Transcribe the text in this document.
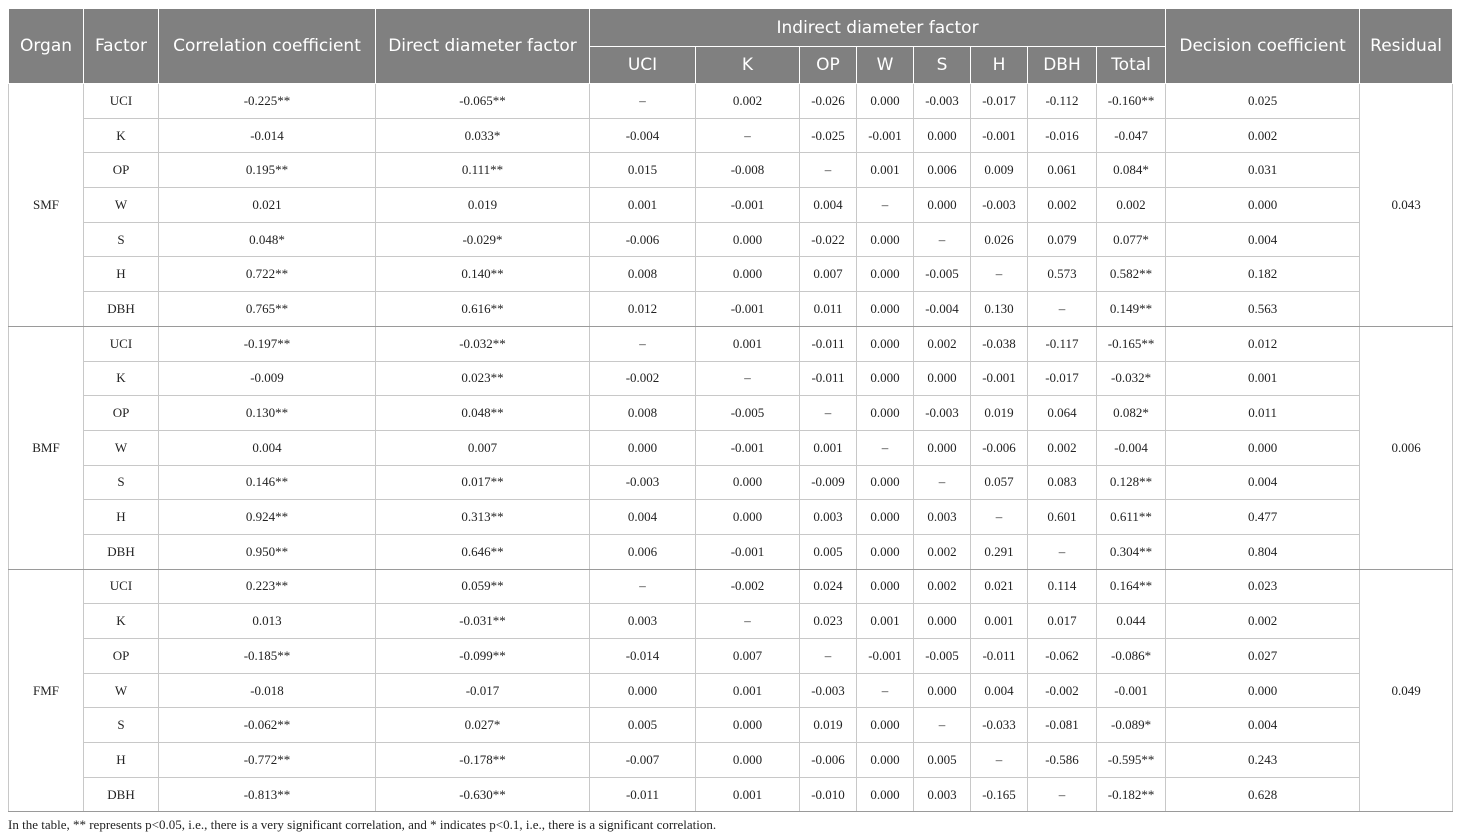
Organ	Factor	Correlation coefficient	Direct diameter factor	Indirect diameter factor								Decision coefficient	Residual
				UCI	K	OP	W	S	H	DBH	Total		
SMF	UCI	-0.225**	-0.065**	–	0.002	-0.026	0.000	-0.003	-0.017	-0.112	-0.160**	0.025	0.043
	K	-0.014	0.033*	-0.004	–	-0.025	-0.001	0.000	-0.001	-0.016	-0.047	0.002	
	OP	0.195**	0.111**	0.015	-0.008	–	0.001	0.006	0.009	0.061	0.084*	0.031	
	W	0.021	0.019	0.001	-0.001	0.004	–	0.000	-0.003	0.002	0.002	0.000	
	S	0.048*	-0.029*	-0.006	0.000	-0.022	0.000	–	0.026	0.079	0.077*	0.004	
	H	0.722**	0.140**	0.008	0.000	0.007	0.000	-0.005	–	0.573	0.582**	0.182	
	DBH	0.765**	0.616**	0.012	-0.001	0.011	0.000	-0.004	0.130	–	0.149**	0.563	
BMF	UCI	-0.197**	-0.032**	–	0.001	-0.011	0.000	0.002	-0.038	-0.117	-0.165**	0.012	0.006
	K	-0.009	0.023**	-0.002	–	-0.011	0.000	0.000	-0.001	-0.017	-0.032*	0.001	
	OP	0.130**	0.048**	0.008	-0.005	–	0.000	-0.003	0.019	0.064	0.082*	0.011	
	W	0.004	0.007	0.000	-0.001	0.001	–	0.000	-0.006	0.002	-0.004	0.000	
	S	0.146**	0.017**	-0.003	0.000	-0.009	0.000	–	0.057	0.083	0.128**	0.004	
	H	0.924**	0.313**	0.004	0.000	0.003	0.000	0.003	–	0.601	0.611**	0.477	
	DBH	0.950**	0.646**	0.006	-0.001	0.005	0.000	0.002	0.291	–	0.304**	0.804	
FMF	UCI	0.223**	0.059**	–	-0.002	0.024	0.000	0.002	0.021	0.114	0.164**	0.023	0.049
	K	0.013	-0.031**	0.003	–	0.023	0.001	0.000	0.001	0.017	0.044	0.002	
	OP	-0.185**	-0.099**	-0.014	0.007	–	-0.001	-0.005	-0.011	-0.062	-0.086*	0.027	
	W	-0.018	-0.017	0.000	0.001	-0.003	–	0.000	0.004	-0.002	-0.001	0.000	
	S	-0.062**	0.027*	0.005	0.000	0.019	0.000	–	-0.033	-0.081	-0.089*	0.004	
	H	-0.772**	-0.178**	-0.007	0.000	-0.006	0.000	0.005	–	-0.586	-0.595**	0.243	
	DBH	-0.813**	-0.630**	-0.011	0.001	-0.010	0.000	0.003	-0.165	–	-0.182**	0.628	
In the table, ** represents p<0.05, i.e., there is a very significant correlation, and * indicates p<0.1, i.e., there is a significant correlation.
